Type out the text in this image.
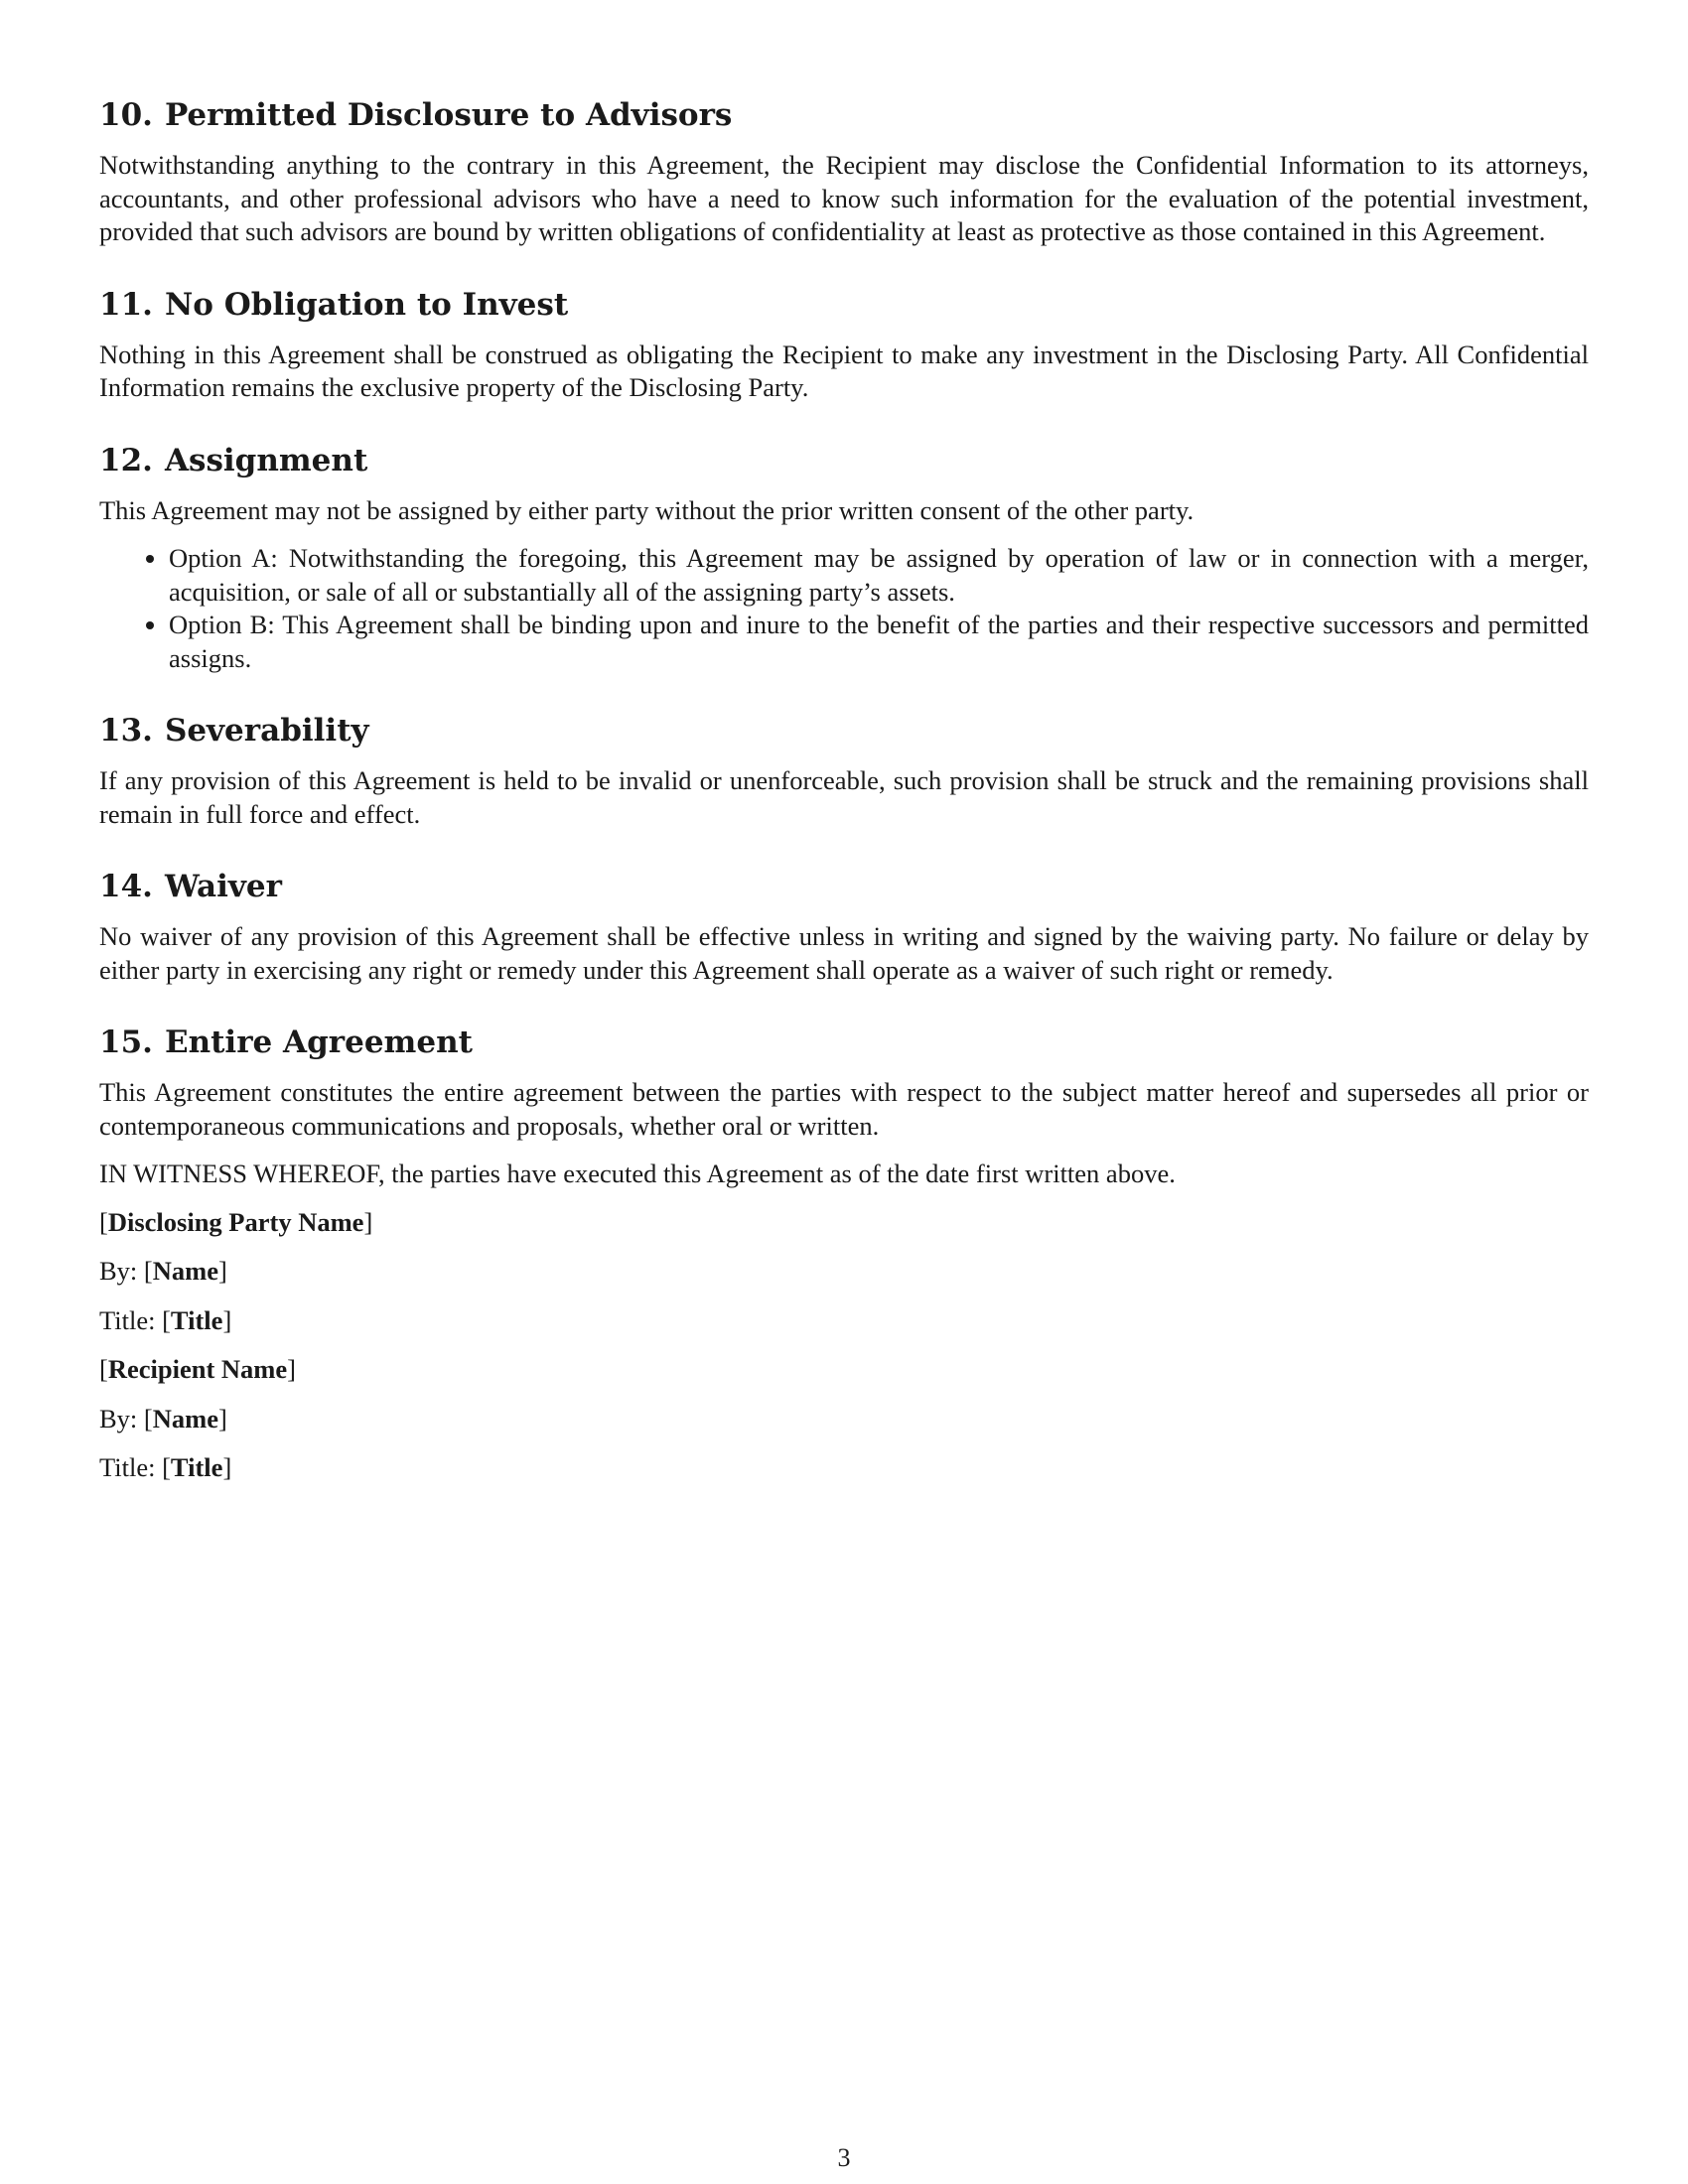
10. Permitted Disclosure to Advisors

Notwithstanding anything to the contrary in this Agreement, the Recipient may disclose the Confidential Information to its attorneys, accountants, and other professional advisors who have a need to know such information for the evaluation of the potential investment, provided that such advisors are bound by written obligations of confidentiality at least as protective as those contained in this Agreement.

11. No Obligation to Invest

Nothing in this Agreement shall be construed as obligating the Recipient to make any investment in the Disclosing Party. All Confidential Information remains the exclusive property of the Disclosing Party.

12. Assignment

This Agreement may not be assigned by either party without the prior written consent of the other party.

• Option A: Notwithstanding the foregoing, this Agreement may be assigned by operation of law or in connection with a merger, acquisition, or sale of all or substantially all of the assigning party’s assets.
• Option B: This Agreement shall be binding upon and inure to the benefit of the parties and their respective successors and permitted assigns.
13. Severability

If any provision of this Agreement is held to be invalid or unenforceable, such provision shall be struck and the remaining provisions shall remain in full force and effect.

14. Waiver

No waiver of any provision of this Agreement shall be effective unless in writing and signed by the waiving party. No failure or delay by either party in exercising any right or remedy under this Agreement shall operate as a waiver of such right or remedy.

15. Entire Agreement

This Agreement constitutes the entire agreement between the parties with respect to the subject matter hereof and supersedes all prior or contemporaneous communications and proposals, whether oral or written.

IN WITNESS WHEREOF, the parties have executed this Agreement as of the date first written above.

[Disclosing Party Name]

By: [Name]

Title: [Title]

[Recipient Name]

By: [Name]

Title: [Title]

3
